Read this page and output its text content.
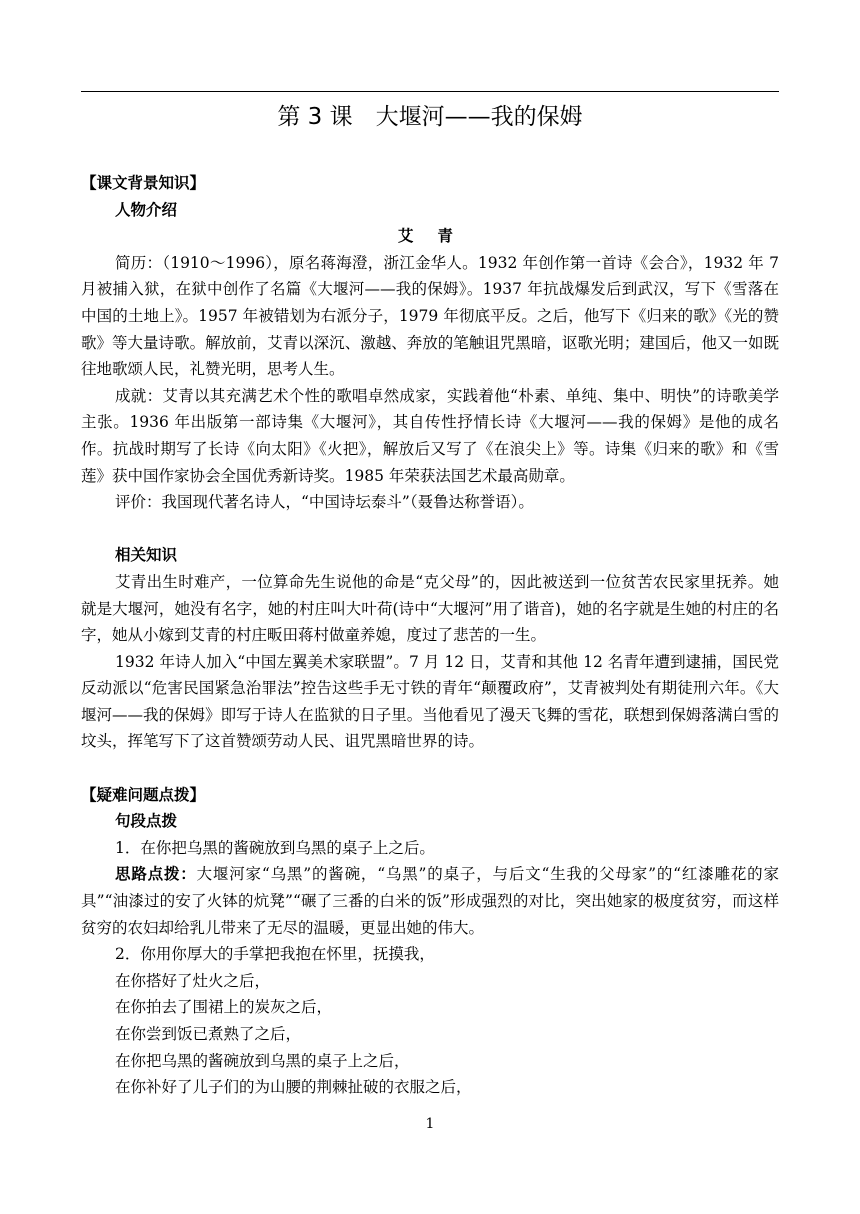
第 3 课　大堰河——我的保姆

【课文背景知识】

人物介绍

艾 青

简历：（1910～1996），原名蒋海澄，浙江金华人。1932 年创作第一首诗《会合》，1932 年 7 月被捕入狱，在狱中创作了名篇《大堰河——我的保姆》。1937 年抗战爆发后到武汉，写下《雪落在中国的土地上》。1957 年被错划为右派分子，1979 年彻底平反。之后，他写下《归来的歌》《光的赞歌》等大量诗歌。解放前，艾青以深沉、激越、奔放的笔触诅咒黑暗，讴歌光明；建国后，他又一如既往地歌颂人民，礼赞光明，思考人生。

成就：艾青以其充满艺术个性的歌唱卓然成家，实践着他“朴素、单纯、集中、明快”的诗歌美学主张。1936 年出版第一部诗集《大堰河》，其自传性抒情长诗《大堰河——我的保姆》是他的成名作。抗战时期写了长诗《向太阳》《火把》，解放后又写了《在浪尖上》等。诗集《归来的歌》和《雪莲》获中国作家协会全国优秀新诗奖。1985 年荣获法国艺术最高勋章。

评价：我国现代著名诗人，“中国诗坛泰斗”（聂鲁达称誉语）。

相关知识

艾青出生时难产，一位算命先生说他的命是“克父母”的，因此被送到一位贫苦农民家里抚养。她就是大堰河，她没有名字，她的村庄叫大叶荷(诗中“大堰河”用了谐音)，她的名字就是生她的村庄的名字，她从小嫁到艾青的村庄畈田蒋村做童养媳，度过了悲苦的一生。

1932 年诗人加入“中国左翼美术家联盟”。7 月 12 日，艾青和其他 12 名青年遭到逮捕，国民党反动派以“危害民国紧急治罪法”控告这些手无寸铁的青年“颠覆政府”，艾青被判处有期徒刑六年。《大堰河——我的保姆》即写于诗人在监狱的日子里。当他看见了漫天飞舞的雪花，联想到保姆落满白雪的坟头，挥笔写下了这首赞颂劳动人民、诅咒黑暗世界的诗。

【疑难问题点拨】

句段点拨

1．在你把乌黑的酱碗放到乌黑的桌子上之后。

思路点拨：大堰河家“乌黑”的酱碗，“乌黑”的桌子，与后文“生我的父母家”的“红漆雕花的家具”“油漆过的安了火钵的炕凳”“碾了三番的白米的饭”形成强烈的对比，突出她家的极度贫穷，而这样贫穷的农妇却给乳儿带来了无尽的温暖，更显出她的伟大。

2．你用你厚大的手掌把我抱在怀里，抚摸我，

在你搭好了灶火之后，

在你拍去了围裙上的炭灰之后，

在你尝到饭已煮熟了之后，

在你把乌黑的酱碗放到乌黑的桌子上之后，

在你补好了儿子们的为山腰的荆棘扯破的衣服之后，

1
